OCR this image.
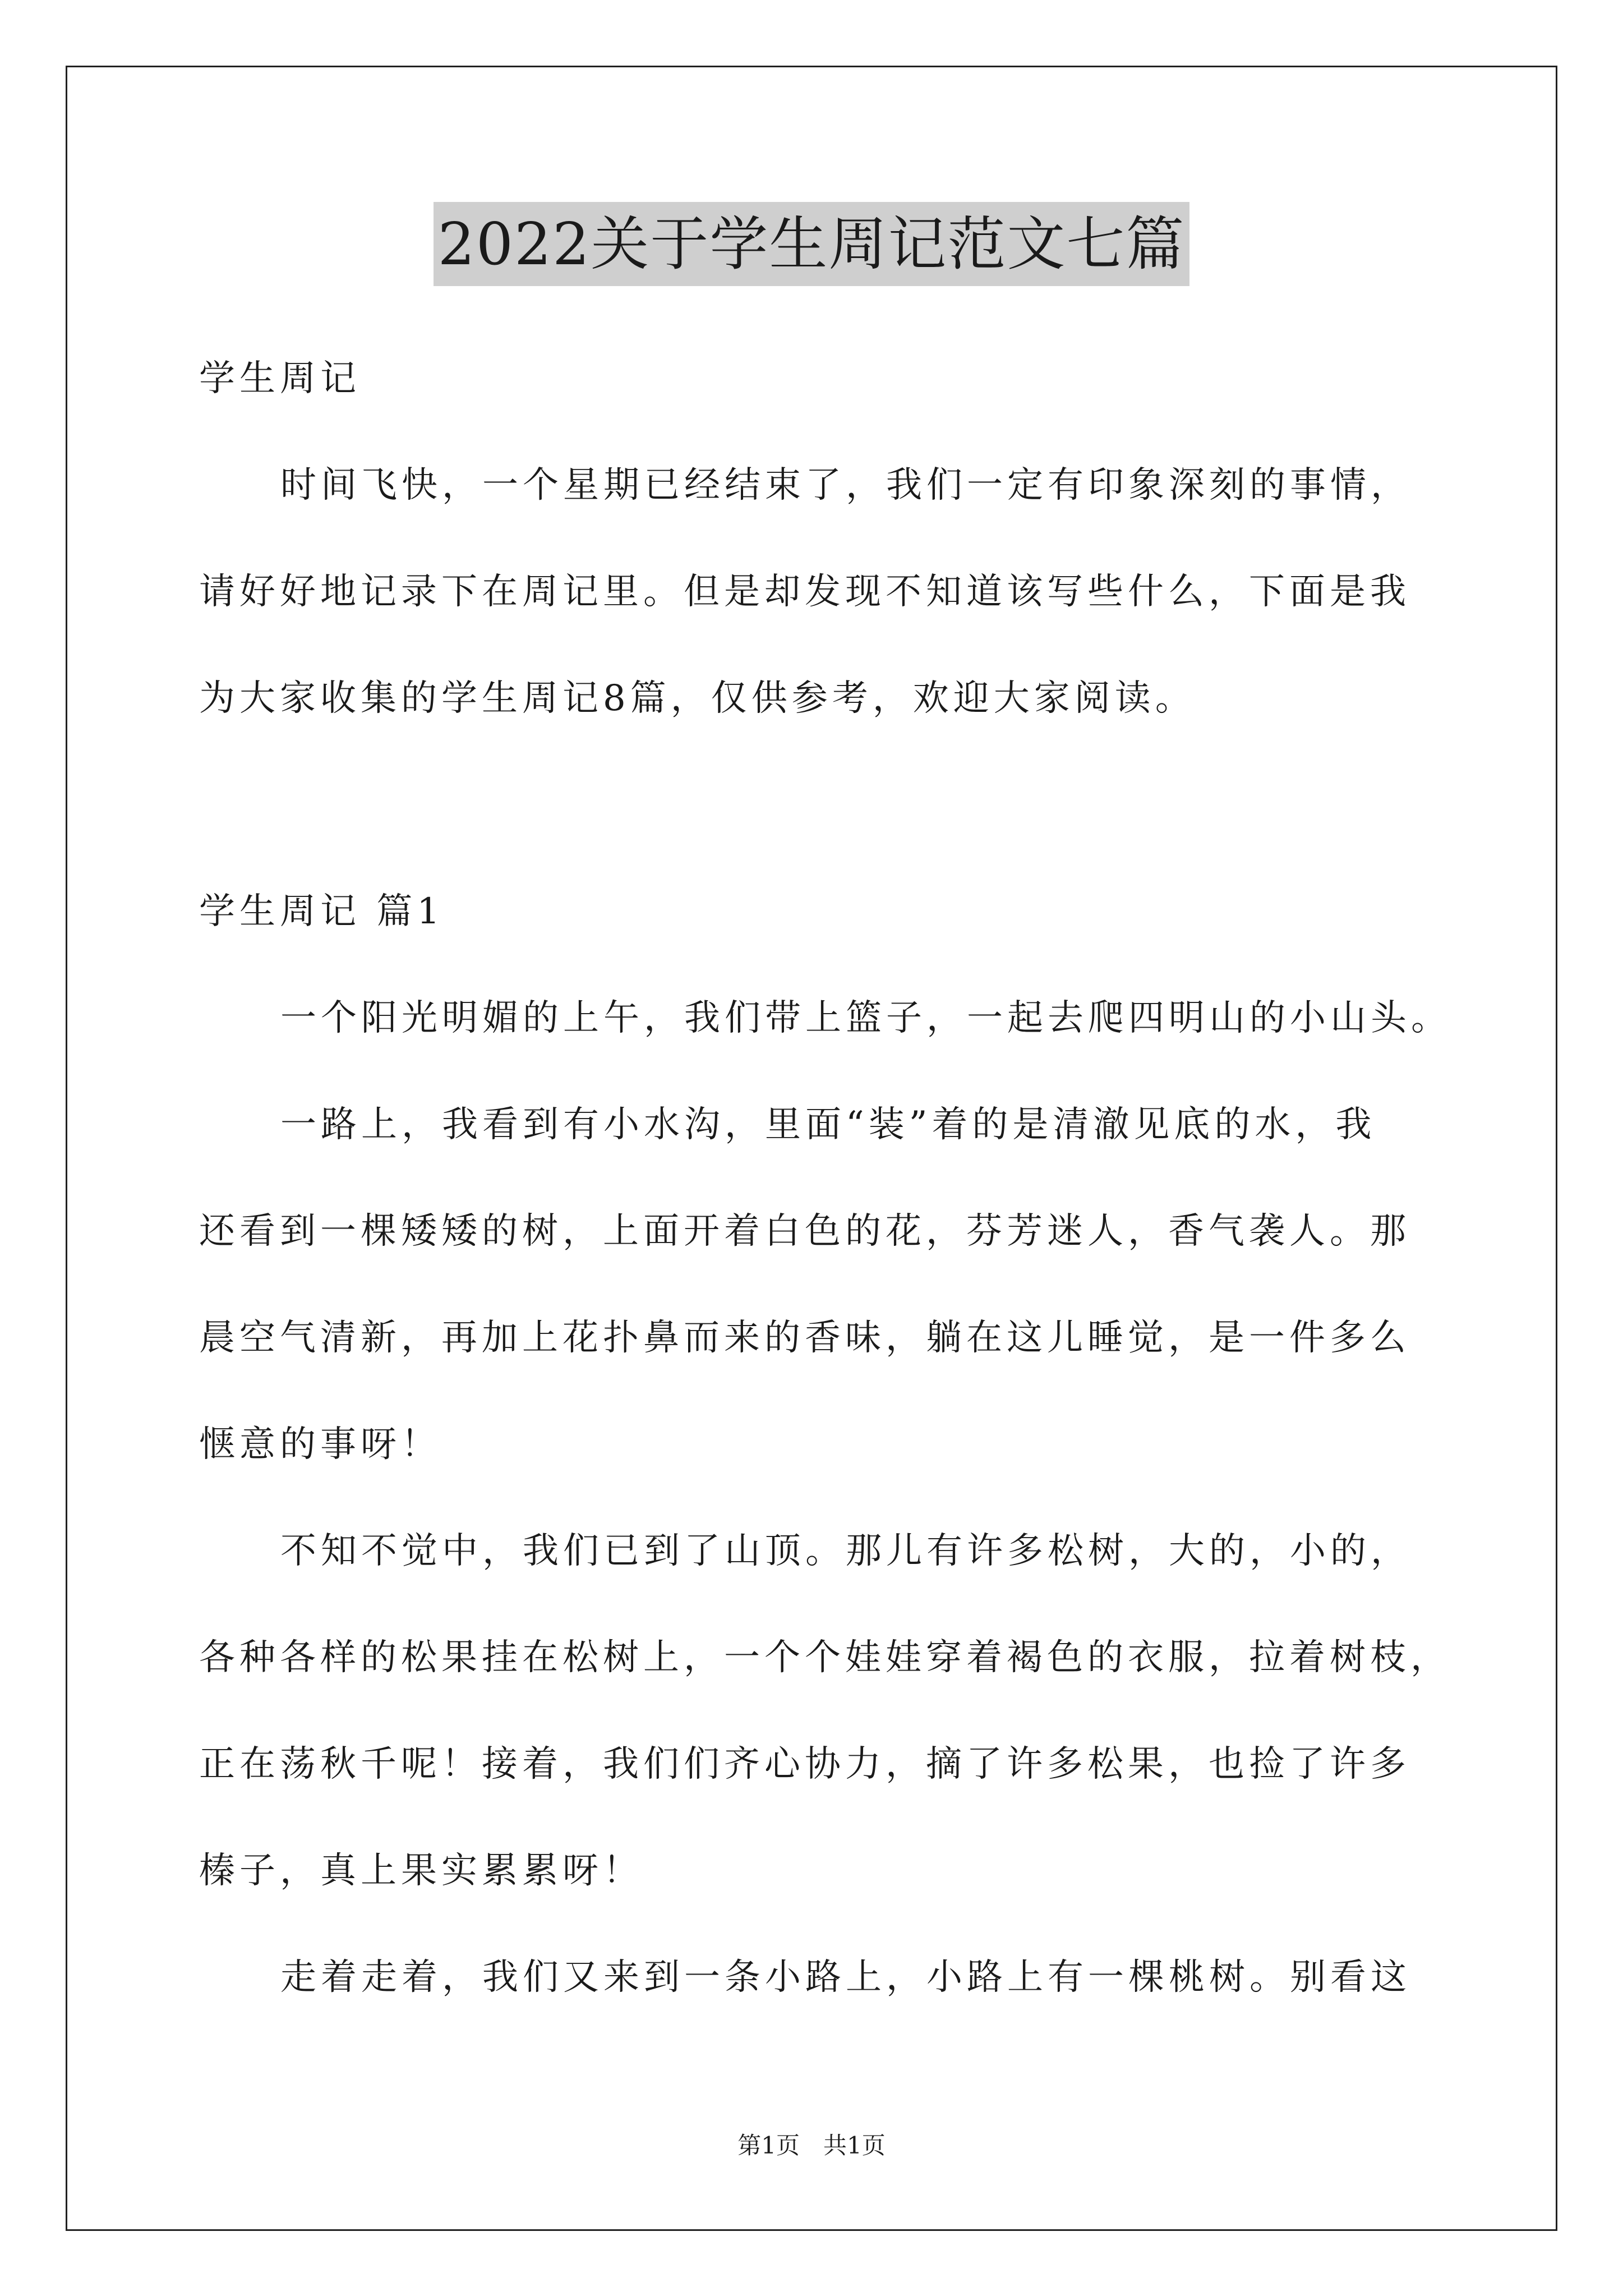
2022关于学生周记范文七篇
学生周记
时间飞快，一个星期已经结束了，我们一定有印象深刻的事情，
请好好地记录下在周记里。但是却发现不知道该写些什么，下面是我
为大家收集的学生周记8篇，仅供参考，欢迎大家阅读。
学生周记 篇1
一个阳光明媚的上午，我们带上篮子，一起去爬四明山的小山头。
一路上，我看到有小水沟，里面“装”着的是清澈见底的水，我
还看到一棵矮矮的树，上面开着白色的花，芬芳迷人，香气袭人。那
晨空气清新，再加上花扑鼻而来的香味，躺在这儿睡觉，是一件多么
惬意的事呀！
不知不觉中，我们已到了山顶。那儿有许多松树，大的，小的，
各种各样的松果挂在松树上，一个个娃娃穿着褐色的衣服，拉着树枝，
正在荡秋千呢！接着，我们们齐心协力，摘了许多松果，也捡了许多
榛子，真上果实累累呀！
走着走着，我们又来到一条小路上，小路上有一棵桃树。别看这
第1页　共1页
